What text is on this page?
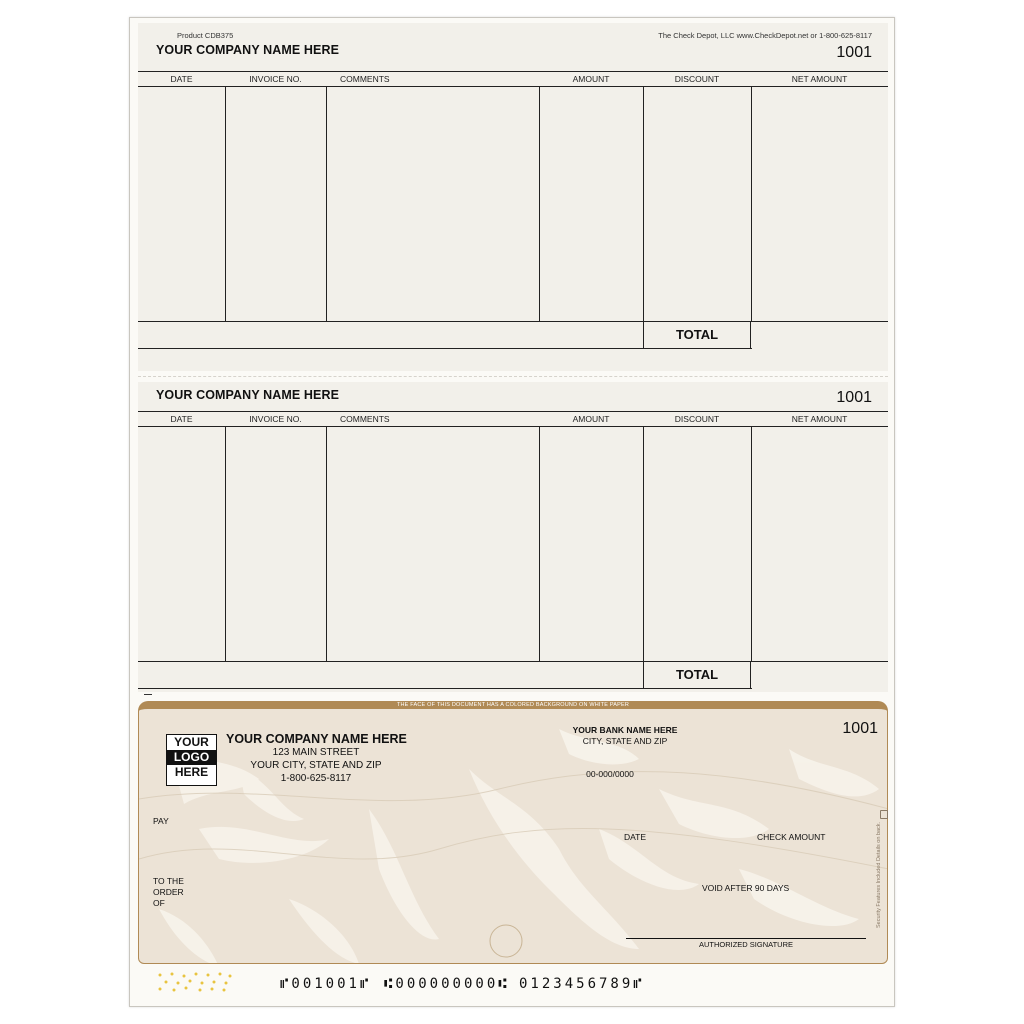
Product CDB375	The Check Depot, LLC www.CheckDepot.net or 1-800-625-8117
YOUR COMPANY NAME HERE	1001
DATE	INVOICE NO.	COMMENTS	AMOUNT	DISCOUNT	NET AMOUNT
TOTAL
YOUR COMPANY NAME HERE	1001
DATE	INVOICE NO.	COMMENTS	AMOUNT	DISCOUNT	NET AMOUNT
TOTAL
THE FACE OF THIS DOCUMENT HAS A COLORED BACKGROUND ON WHITE PAPER
YOUR
LOGO
HERE
YOUR COMPANY NAME HERE
123 MAIN STREET
YOUR CITY, STATE AND ZIP
1-800-625-8117
YOUR BANK NAME HERE
CITY, STATE AND ZIP
1001
00-000/0000
PAY
DATE	CHECK AMOUNT
VOID AFTER 90 DAYS
TO THE
ORDER
OF
AUTHORIZED SIGNATURE
Security Features Included Details on back.
⑈001001⑈ ⑆000000000⑆ 0123456789⑈
